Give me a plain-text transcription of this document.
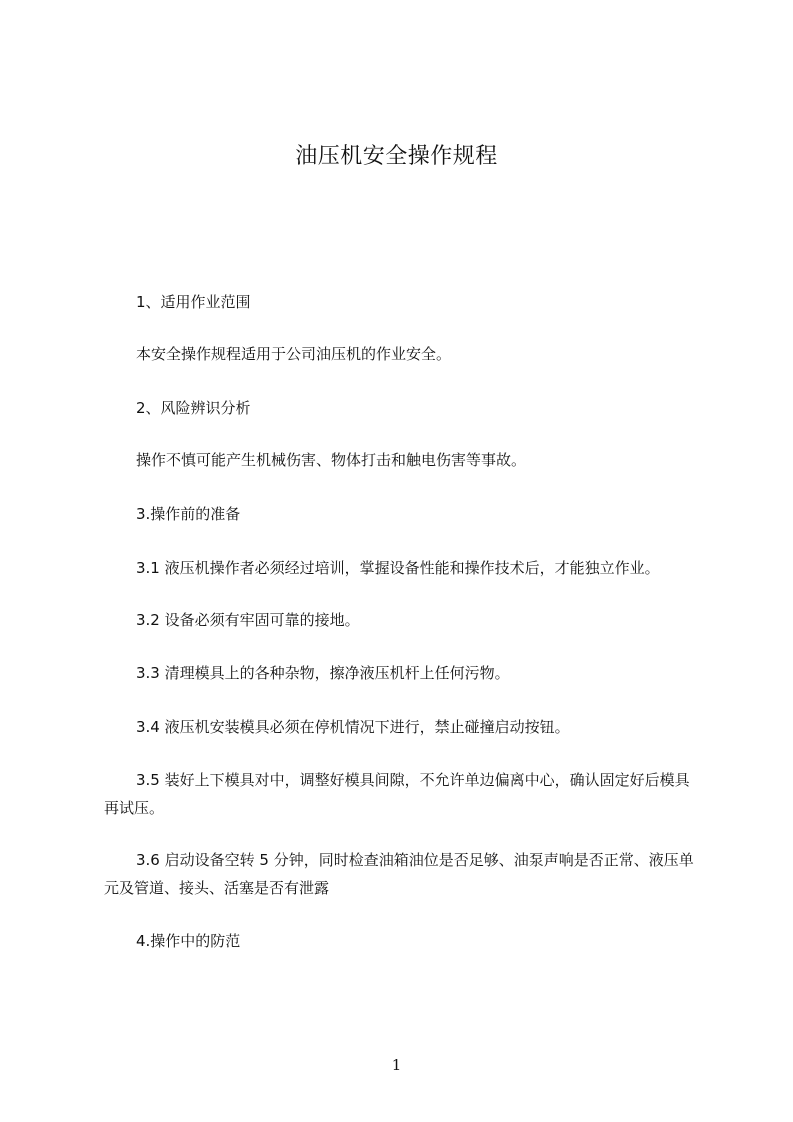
油压机安全操作规程
1、适用作业范围
本安全操作规程适用于公司油压机的作业安全。
2、风险辨识分析
操作不慎可能产生机械伤害、物体打击和触电伤害等事故。
3.操作前的准备
3.1 液压机操作者必须经过培训，掌握设备性能和操作技术后，才能独立作业。
3.2 设备必须有牢固可靠的接地。
3.3 清理模具上的各种杂物，擦净液压机杆上任何污物。
3.4 液压机安装模具必须在停机情况下进行，禁止碰撞启动按钮。
3.5 装好上下模具对中，调整好模具间隙，不允许单边偏离中心，确认固定好后模具再试压。
3.6 启动设备空转 5 分钟，同时检查油箱油位是否足够、油泵声响是否正常、液压单元及管道、接头、活塞是否有泄露
4.操作中的防范
1
